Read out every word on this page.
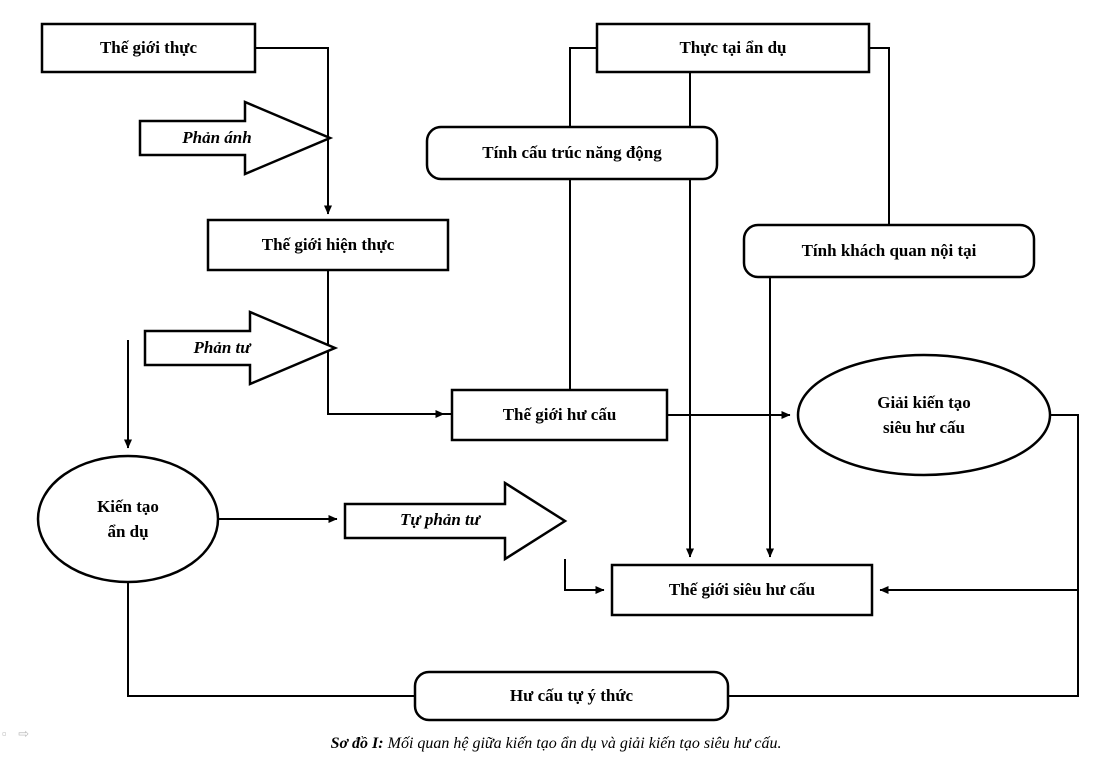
Phản ánh
Phản tư
Tự phản tư
Thế giới thực
Thế giới hiện thực
Kiến tạo
ẩn dụ
Thế giới hư cấu
Thế giới siêu hư cấu
Thực tại ẩn dụ
Tính cấu trúc năng động
Tính khách quan nội tại
Giải kiến tạo
siêu hư cấu
Hư cấu tự ý thức
▫ ⇨
Sơ đồ I: Mối quan hệ giữa kiến tạo ẩn dụ và giải kiến tạo siêu hư cấu.
